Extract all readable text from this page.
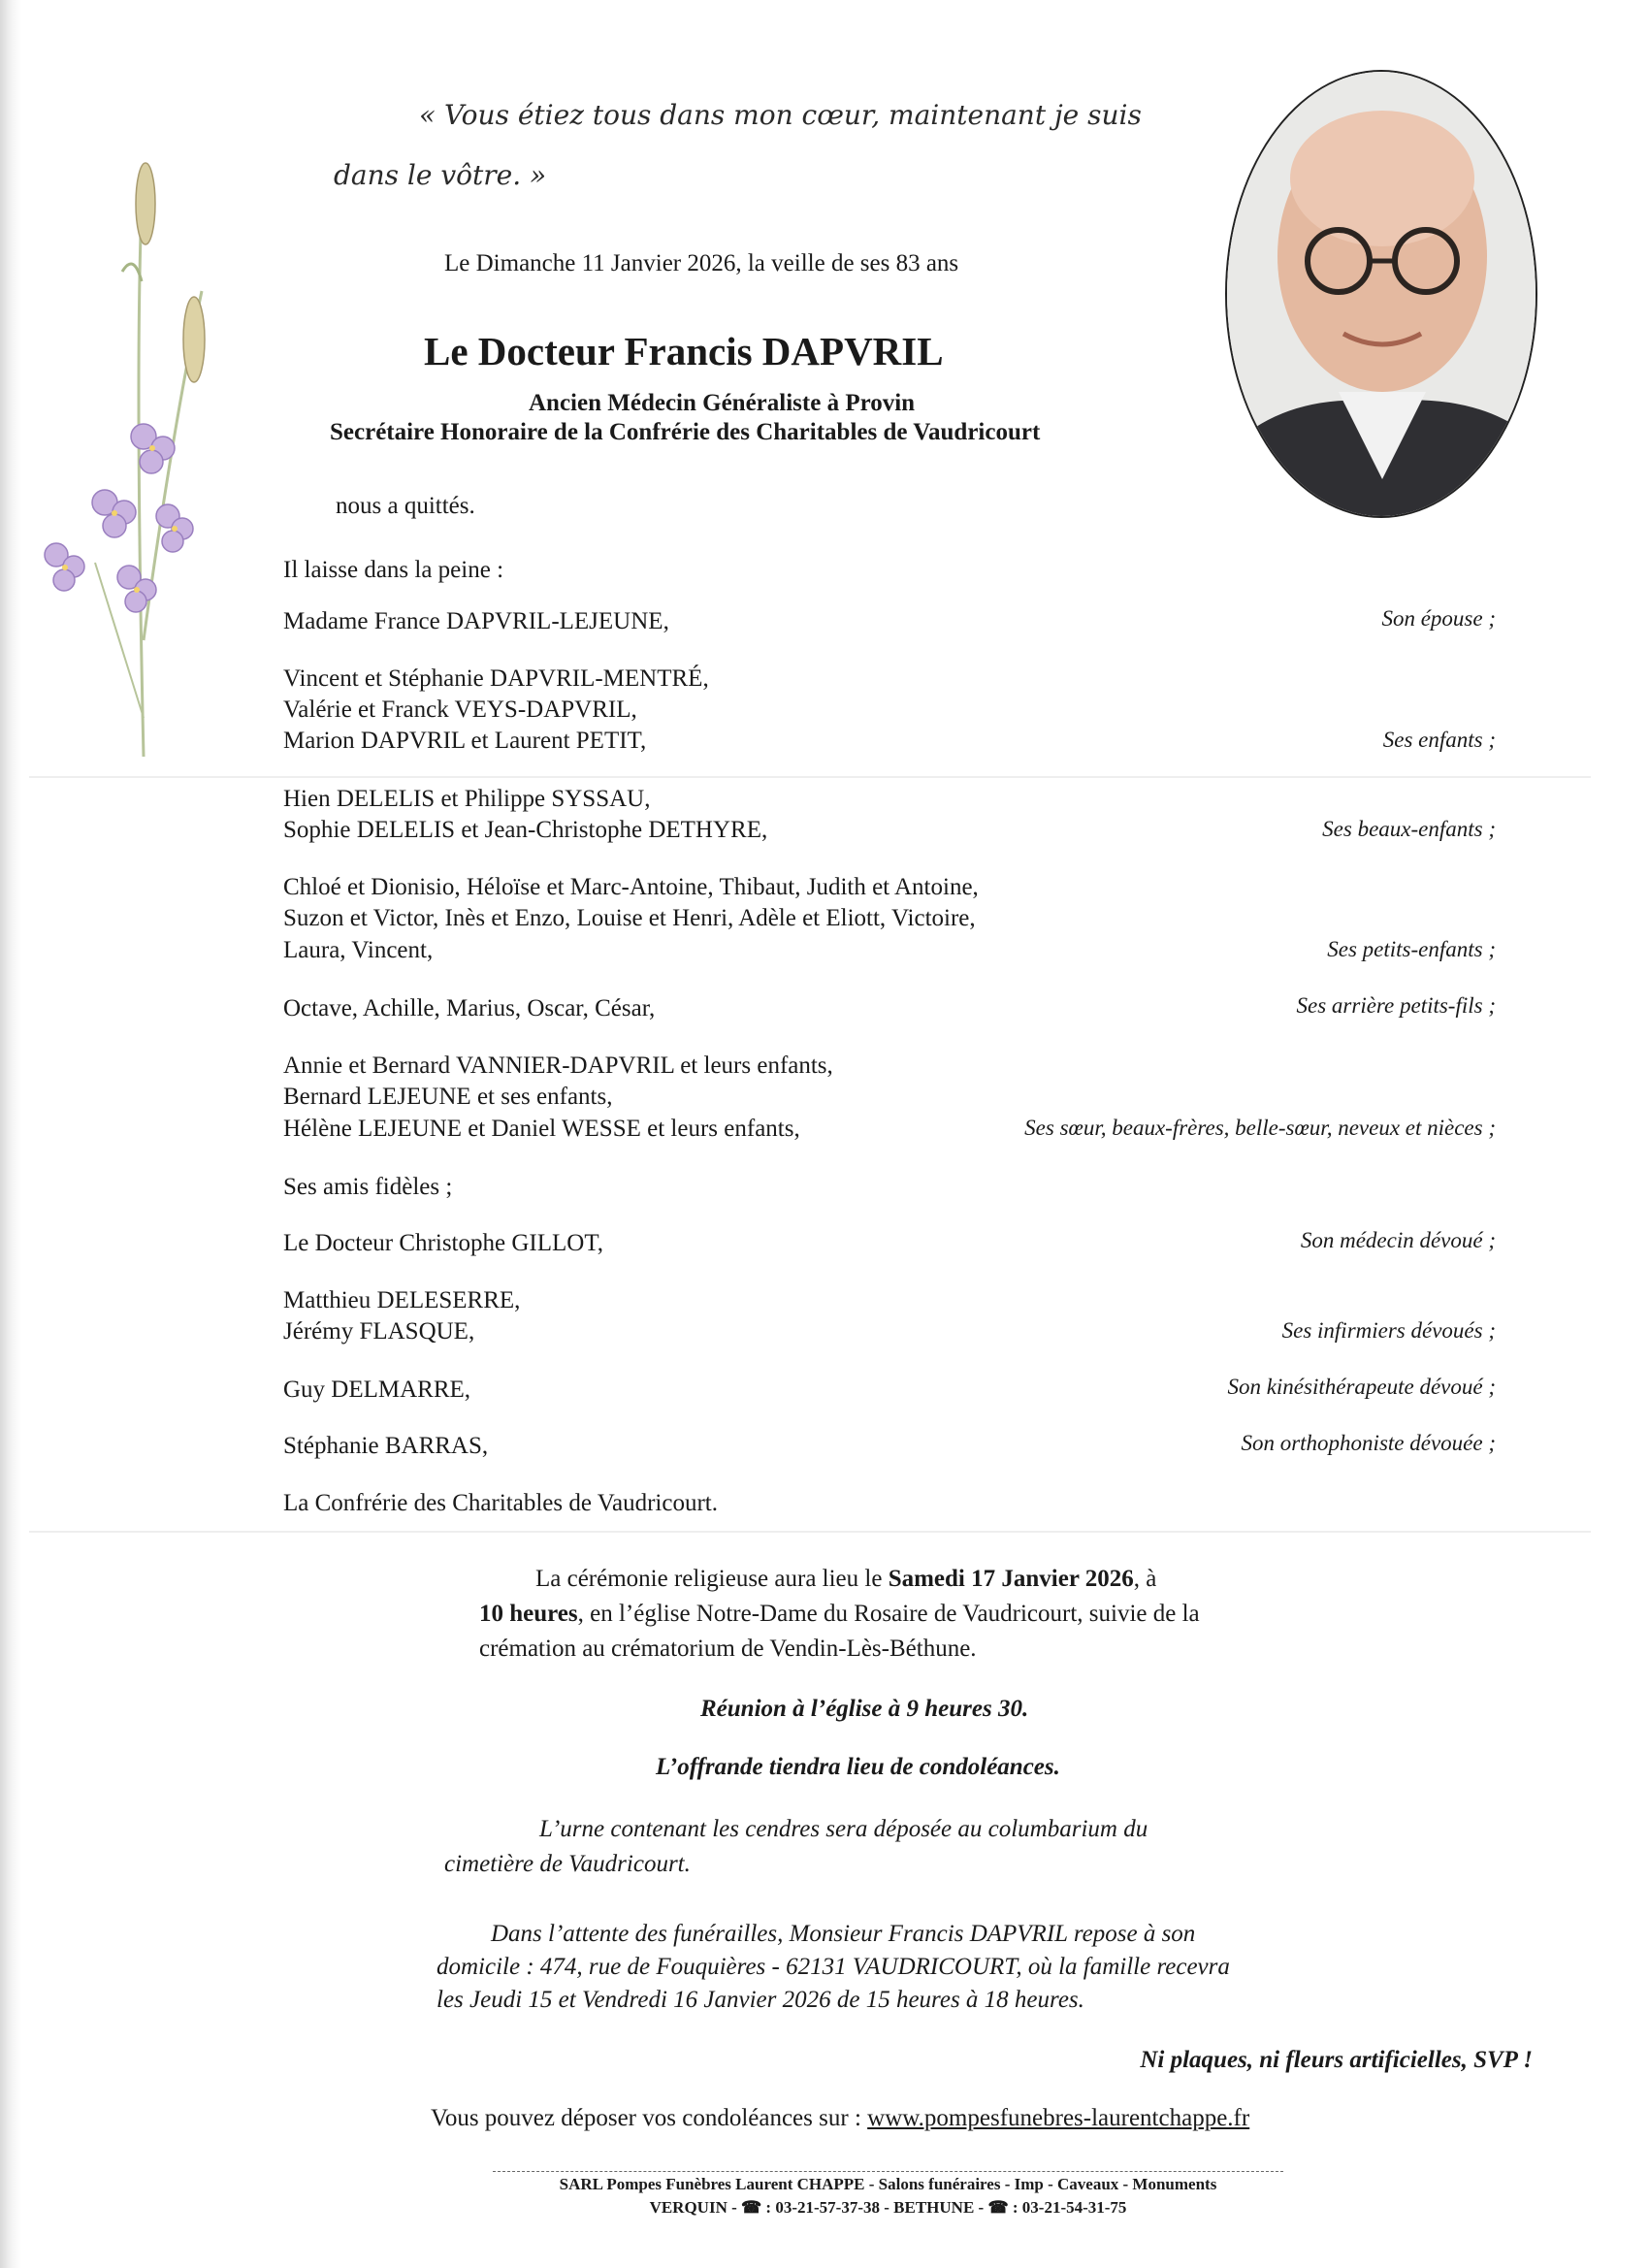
« Vous étiez tous dans mon cœur, maintenant je suis
dans le vôtre. »
Le Dimanche 11 Janvier 2026, la veille de ses 83 ans
Le Docteur Francis DAPVRIL
Ancien Médecin Généraliste à Provin
Secrétaire Honoraire de la Confrérie des Charitables de Vaudricourt
nous a quittés.
Il laisse dans la peine :
Madame France DAPVRIL-LEJEUNE,	Son épouse ;
Vincent et Stéphanie DAPVRIL-MENTRÉ,
Valérie et Franck VEYS-DAPVRIL,
Marion DAPVRIL et Laurent PETIT,	Ses enfants ;
Hien DELELIS et Philippe SYSSAU,
Sophie DELELIS et Jean-Christophe DETHYRE,	Ses beaux-enfants ;
Chloé et Dionisio, Héloïse et Marc-Antoine, Thibaut, Judith et Antoine,
Suzon et Victor, Inès et Enzo, Louise et Henri, Adèle et Eliott, Victoire,
Laura, Vincent,	Ses petits-enfants ;
Octave, Achille, Marius, Oscar, César,	Ses arrière petits-fils ;
Annie et Bernard VANNIER-DAPVRIL et leurs enfants,
Bernard LEJEUNE et ses enfants,
Hélène LEJEUNE et Daniel WESSE et leurs enfants,	Ses sœur, beaux-frères, belle-sœur, neveux et nièces ;
Ses amis fidèles ;
Le Docteur Christophe GILLOT,	Son médecin dévoué ;
Matthieu DELESERRE,
Jérémy FLASQUE,	Ses infirmiers dévoués ;
Guy DELMARRE,	Son kinésithérapeute dévoué ;
Stéphanie BARRAS,	Son orthophoniste dévouée ;
La Confrérie des Charitables de Vaudricourt.
La cérémonie religieuse aura lieu le Samedi 17 Janvier 2026, à
10 heures, en l’église Notre-Dame du Rosaire de Vaudricourt, suivie de la
crémation au crématorium de Vendin-Lès-Béthune.
Réunion à l’église à 9 heures 30.
L’offrande tiendra lieu de condoléances.
L’urne contenant les cendres sera déposée au columbarium du
cimetière de Vaudricourt.
Dans l’attente des funérailles, Monsieur Francis DAPVRIL repose à son
domicile : 474, rue de Fouquières - 62131 VAUDRICOURT, où la famille recevra
les Jeudi 15 et Vendredi 16 Janvier 2026 de 15 heures à 18 heures.
Ni plaques, ni fleurs artificielles, SVP !
Vous pouvez déposer vos condoléances sur : www.pompesfunebres-laurentchappe.fr
SARL Pompes Funèbres Laurent CHAPPE - Salons funéraires - Imp - Caveaux - Monuments
VERQUIN - ☎ : 03-21-57-37-38 - BETHUNE - ☎ : 03-21-54-31-75
